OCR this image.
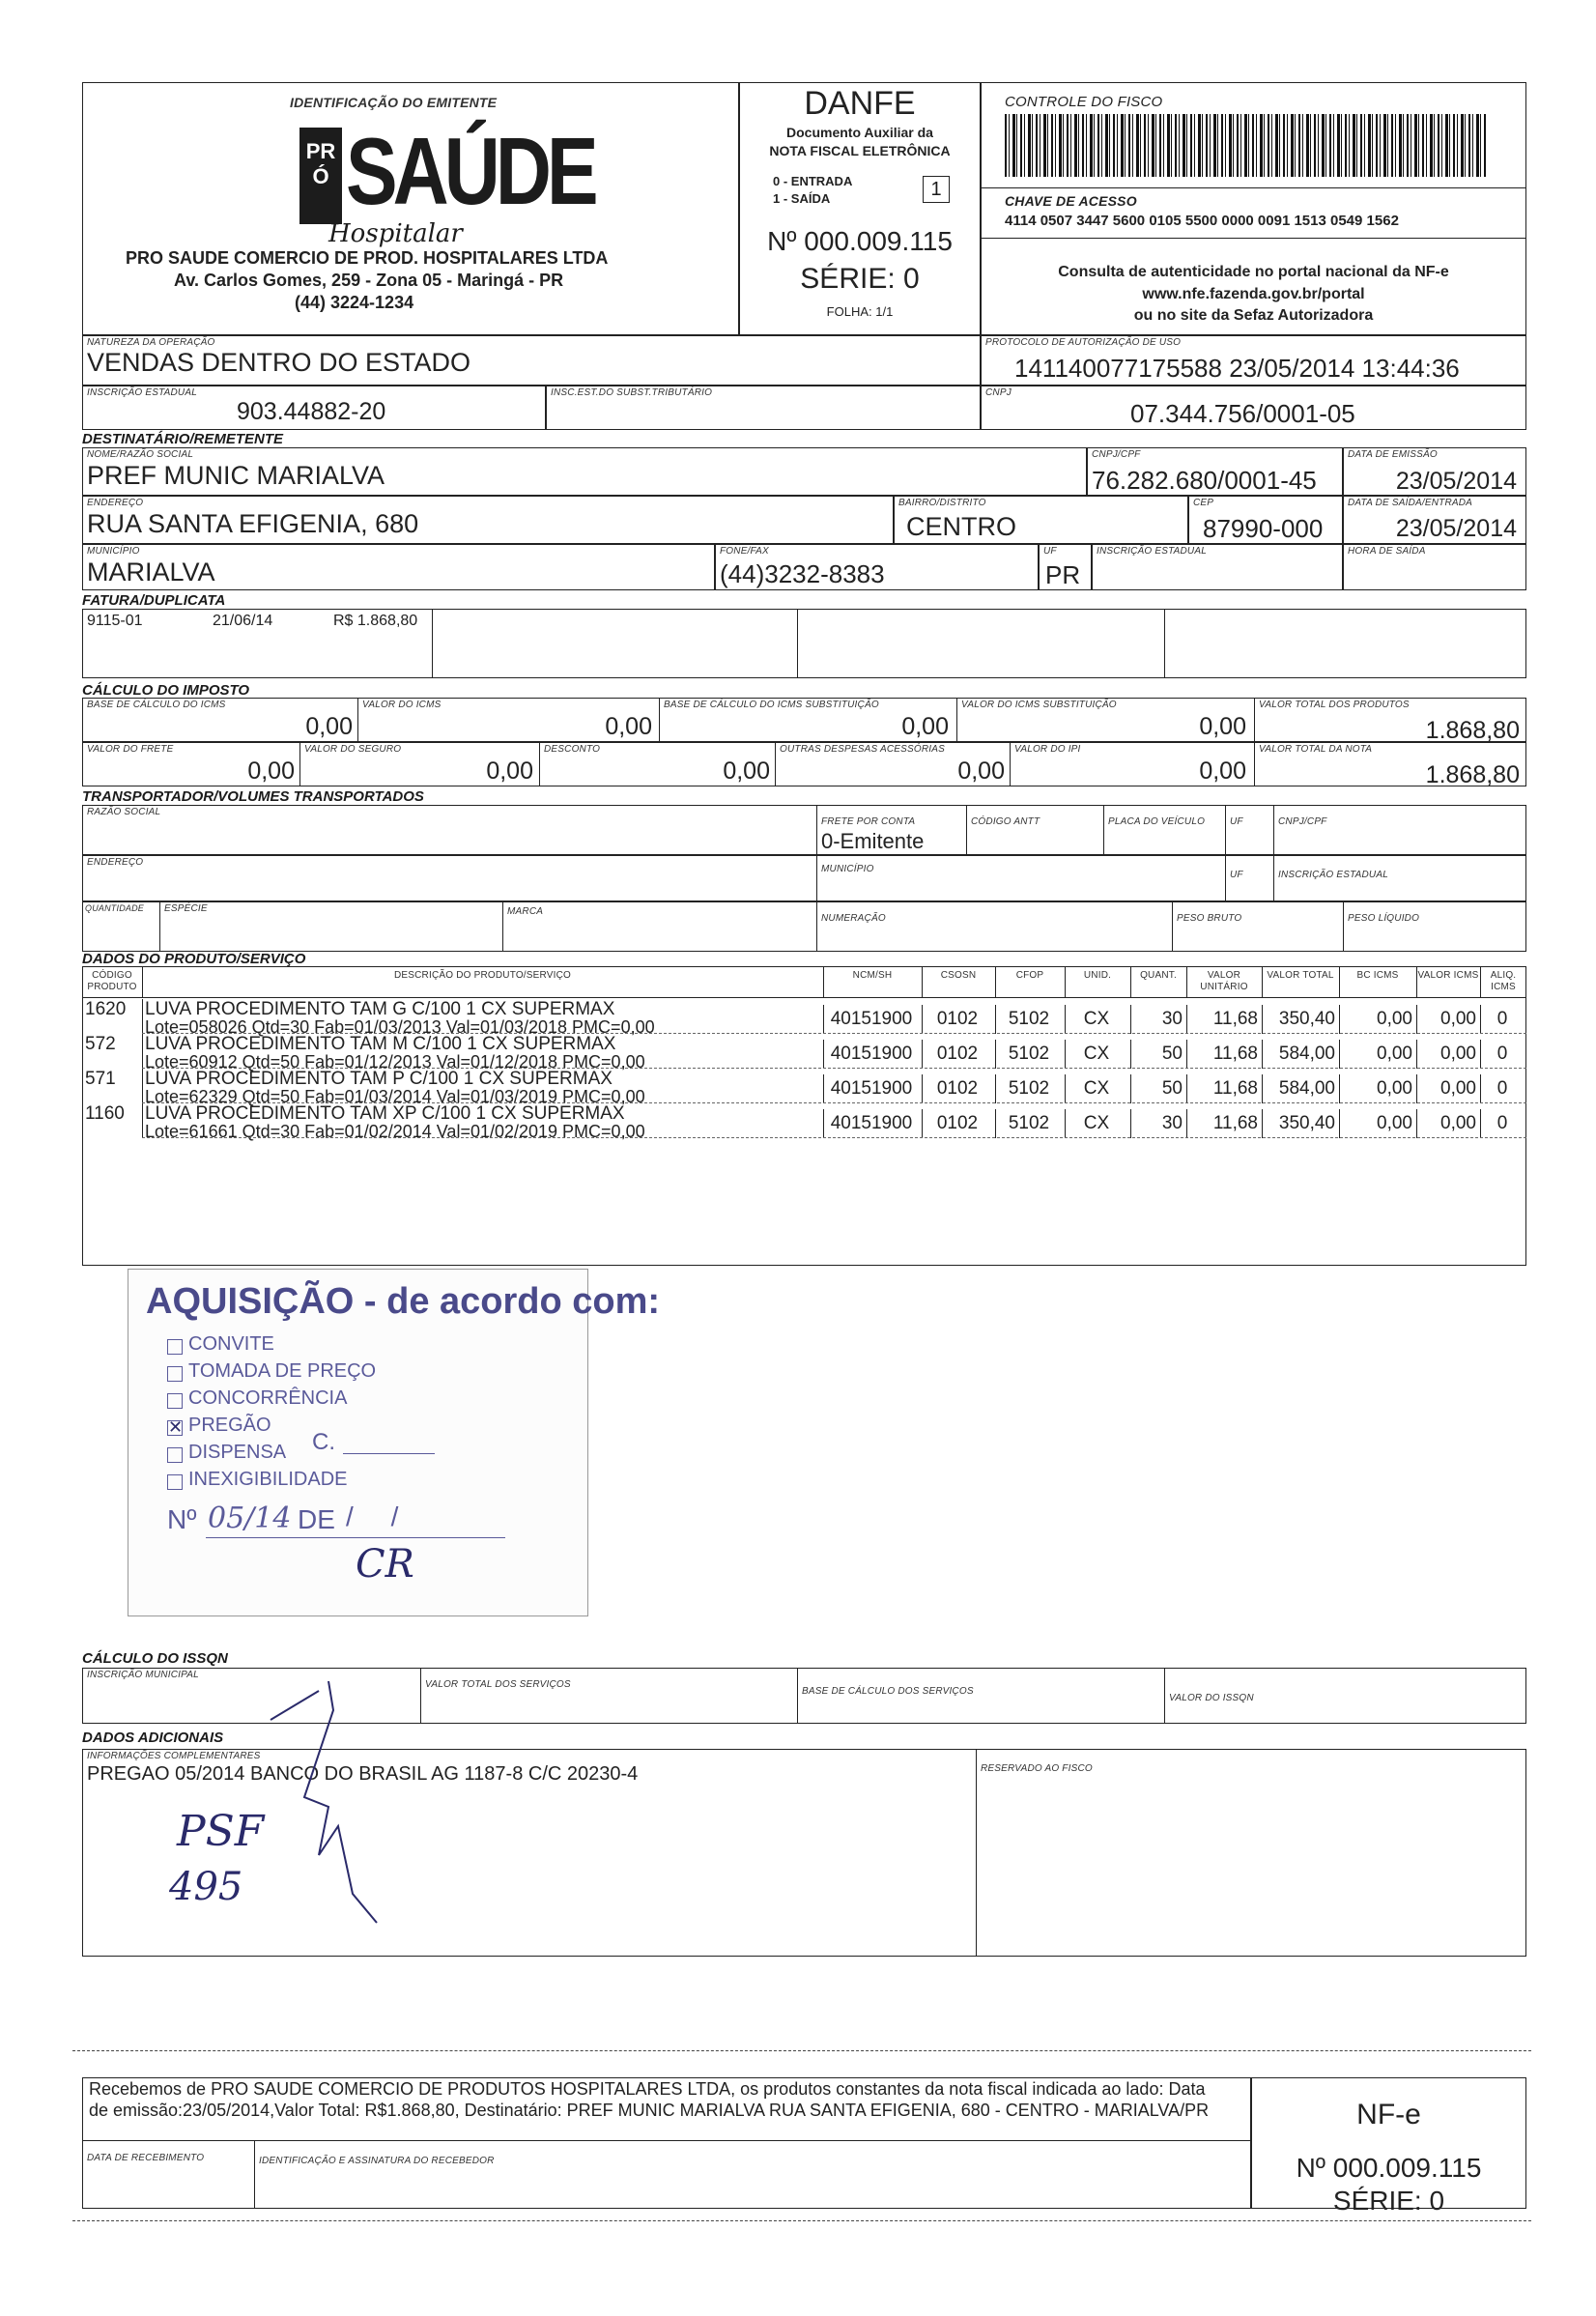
IDENTIFICAÇÃO DO EMITENTE
PRÓ SAÚDE
Hospitalar
PRO SAUDE COMERCIO DE PROD. HOSPITALARES LTDA
Av. Carlos Gomes, 259 - Zona 05 - Maringá - PR
(44) 3224-1234
DANFE
Documento Auxiliar da
NOTA FISCAL ELETRÔNICA
0 - ENTRADA
1 - SAÍDA	1
Nº 000.009.115
SÉRIE: 0
FOLHA: 1/1
CONTROLE DO FISCO
CHAVE DE ACESSO
4114 0507 3447 5600 0105 5500 0000 0091 1513 0549 1562
Consulta de autenticidade no portal nacional da NF-e
www.nfe.fazenda.gov.br/portal
ou no site da Sefaz Autorizadora
NATUREZA DA OPERAÇÃO
VENDAS DENTRO DO ESTADO
PROTOCOLO DE AUTORIZAÇÃO DE USO
141140077175588 23/05/2014 13:44:36
INSCRIÇÃO ESTADUAL
903.44882-20
INSC.EST.DO SUBST.TRIBUTÁRIO	CNPJ
07.344.756/0001-05
DESTINATÁRIO/REMETENTE
NOME/RAZÃO SOCIAL
PREF MUNIC MARIALVA
CNPJ/CPF
76.282.680/0001-45
DATA DE EMISSÃO
23/05/2014
ENDEREÇO
RUA SANTA EFIGENIA, 680
BAIRRO/DISTRITO
CENTRO
CEP
87990-000
DATA DE SAÍDA/ENTRADA
23/05/2014
MUNICÍPIO
MARIALVA
FONE/FAX
(44)3232-8383
UF
PR
INSCRIÇÃO ESTADUAL	HORA DE SAÍDA
FATURA/DUPLICATA
9115-01	21/06/14	R$ 1.868,80
CÁLCULO DO IMPOSTO
BASE DE CÁLCULO DO ICMS
0,00
VALOR DO ICMS
0,00
BASE DE CÁLCULO DO ICMS SUBSTITUIÇÃO
0,00
VALOR DO ICMS SUBSTITUIÇÃO
0,00
VALOR TOTAL DOS PRODUTOS
1.868,80
VALOR DO FRETE
0,00
VALOR DO SEGURO
0,00
DESCONTO
0,00
OUTRAS DESPESAS ACESSÓRIAS
0,00
VALOR DO IPI
0,00
VALOR TOTAL DA NOTA
1.868,80
TRANSPORTADOR/VOLUMES TRANSPORTADOS
RAZÃO SOCIAL
FRETE POR CONTA
0-Emitente
CÓDIGO ANTT	PLACA DO VEÍCULO	UF	CNPJ/CPF
ENDEREÇO
MUNICÍPIO
UF	INSCRIÇÃO ESTADUAL
QUANTIDADE ESPÉCIE	MARCA
NUMERAÇÃO	PESO BRUTO	PESO LÍQUIDO
DADOS DO PRODUTO/SERVIÇO
CÓDIGO PRODUTO
DESCRIÇÃO DO PRODUTO/SERVIÇO	NCM/SH	CSOSN	CFOP	UNID.	QUANT.	VALOR UNITÁRIO
VALOR TOTAL	BC ICMS	VALOR ICMS	ALIQ. ICMS
1620 LUVA PROCEDIMENTO TAM G C/100 1 CX SUPERMAX
Lote=058026 Qtd=30 Fab=01/03/2013 Val=01/03/2018 PMC=0,00	40151900	0102	5102	CX	30	11,68	350,40	0,00	0,00	0
572 LUVA PROCEDIMENTO TAM M C/100 1 CX SUPERMAX
Lote=60912 Qtd=50 Fab=01/12/2013 Val=01/12/2018 PMC=0,00	40151900	0102	5102	CX	50	11,68	584,00	0,00	0,00	0
571 LUVA PROCEDIMENTO TAM P C/100 1 CX SUPERMAX
Lote=62329 Qtd=50 Fab=01/03/2014 Val=01/03/2019 PMC=0,00	40151900	0102	5102	CX	50	11,68	584,00	0,00	0,00	0
1160 LUVA PROCEDIMENTO TAM XP C/100 1 CX SUPERMAX
Lote=61661 Qtd=30 Fab=01/02/2014 Val=01/02/2019 PMC=0,00	40151900	0102	5102	CX	30	11,68	350,40	0,00	0,00	0
AQUISIÇÃO - de acordo com:
CONVITE
TOMADA DE PREÇO
CONCORRÊNCIA
✕ PREGÃO
DISPENSA C.
INEXIGIBILIDADE
Nº 05/14 DE /     /
CR
CÁLCULO DO ISSQN
INSCRIÇÃO MUNICIPAL
VALOR TOTAL DOS SERVIÇOS
BASE DE CÁLCULO DOS SERVIÇOS
VALOR DO ISSQN
DADOS ADICIONAIS
INFORMAÇÕES COMPLEMENTARES
PREGAO 05/2014 BANCO DO BRASIL AG 1187-8 C/C 20230-4	RESERVADO AO FISCO
PSF
495
Recebemos de PRO SAUDE COMERCIO DE PRODUTOS HOSPITALARES LTDA, os produtos constantes da nota fiscal indicada ao lado: Data
de emissão:23/05/2014,Valor Total: R$1.868,80, Destinatário: PREF MUNIC MARIALVA RUA SANTA EFIGENIA, 680 - CENTRO - MARIALVA/PR
DATA DE RECEBIMENTO	IDENTIFICAÇÃO E ASSINATURA DO RECEBEDOR
NF-e
Nº 000.009.115
SÉRIE: 0
